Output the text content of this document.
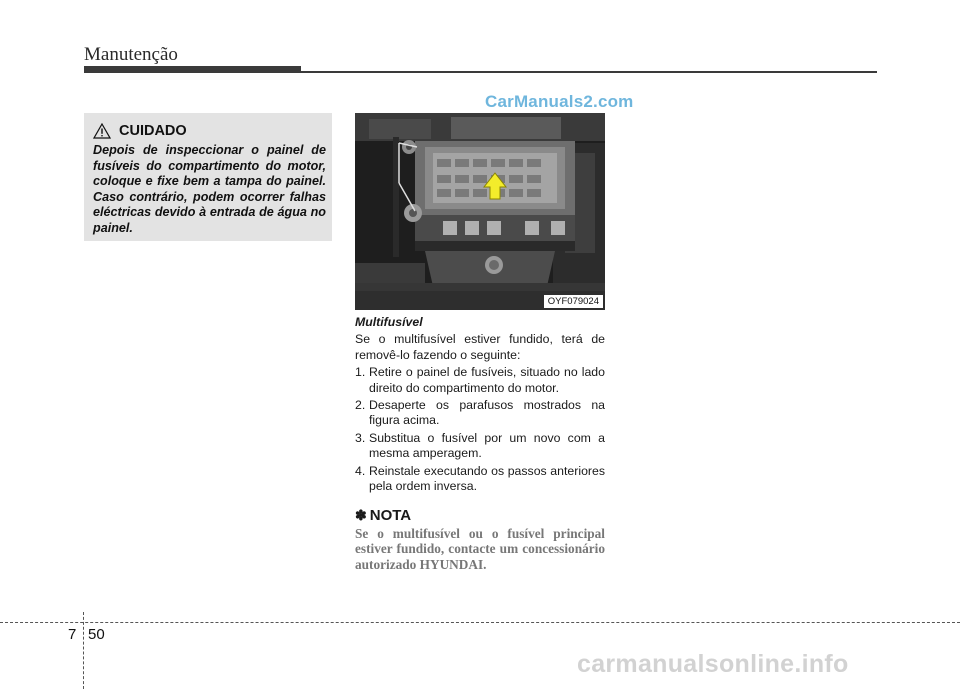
Manutenção
CarManuals2.com
CUIDADO
Depois de inspeccionar o painel de fusíveis do compartimento do motor, coloque e fixe bem a tampa do painel. Caso contrário, podem ocorrer falhas eléctricas devido à entrada de água no painel.
OYF079024
Multifusível
Se o multifusível estiver fundido, terá de removê-lo fazendo o seguinte:
1. Retire o painel de fusíveis, situado no lado direito do compartimento do motor.
2. Desaperte os parafusos mostrados na figura acima.
3. Substitua o fusível por um novo com a mesma amperagem.
4. Reinstale executando os passos anteriores pela ordem inversa.
✽ NOTA
Se o multifusível ou o fusível principal estiver fundido, contacte um concessionário autorizado HYUNDAI.
7 50
carmanualsonline.info
